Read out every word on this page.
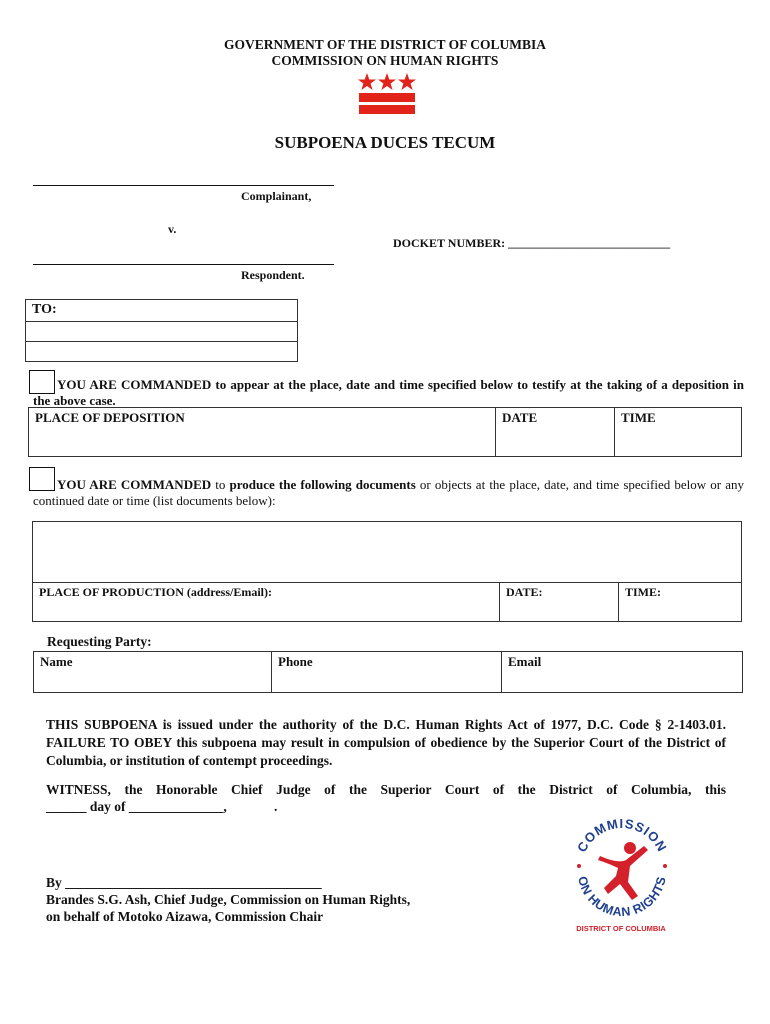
GOVERNMENT OF THE DISTRICT OF COLUMBIA
COMMISSION ON HUMAN RIGHTS
SUBPOENA DUCES TECUM
Complainant,
v.
DOCKET NUMBER: ___________________________
Respondent.
TO:

YOU ARE COMMANDED to appear at the place, date and time specified below to testify at the taking of a deposition in the above case.
PLACE OF DEPOSITION	DATE	TIME
YOU ARE COMMANDED to produce the following documents or objects at the place, date, and time specified below or any continued date or time (list documents below):

PLACE OF PRODUCTION (address/Email):	DATE:	TIME:
Requesting Party:
Name	Phone	Email
THIS SUBPOENA is issued under the authority of the D.C. Human Rights Act of 1977, D.C. Code § 2-1403.01. FAILURE TO OBEY this subpoena may result in compulsion of obedience by the Superior Court of the District of Columbia, or institution of contempt proceedings.
WITNESS, the Honorable Chief Judge of the Superior Court of the District of Columbia, this
______ day of ______________,              .
By ______________________________________
Brandes S.G. Ash, Chief Judge, Commission on Human Rights,
on behalf of Motoko Aizawa, Commission Chair
COMMISSION
ON HUMAN RIGHTS
DISTRICT OF COLUMBIA
